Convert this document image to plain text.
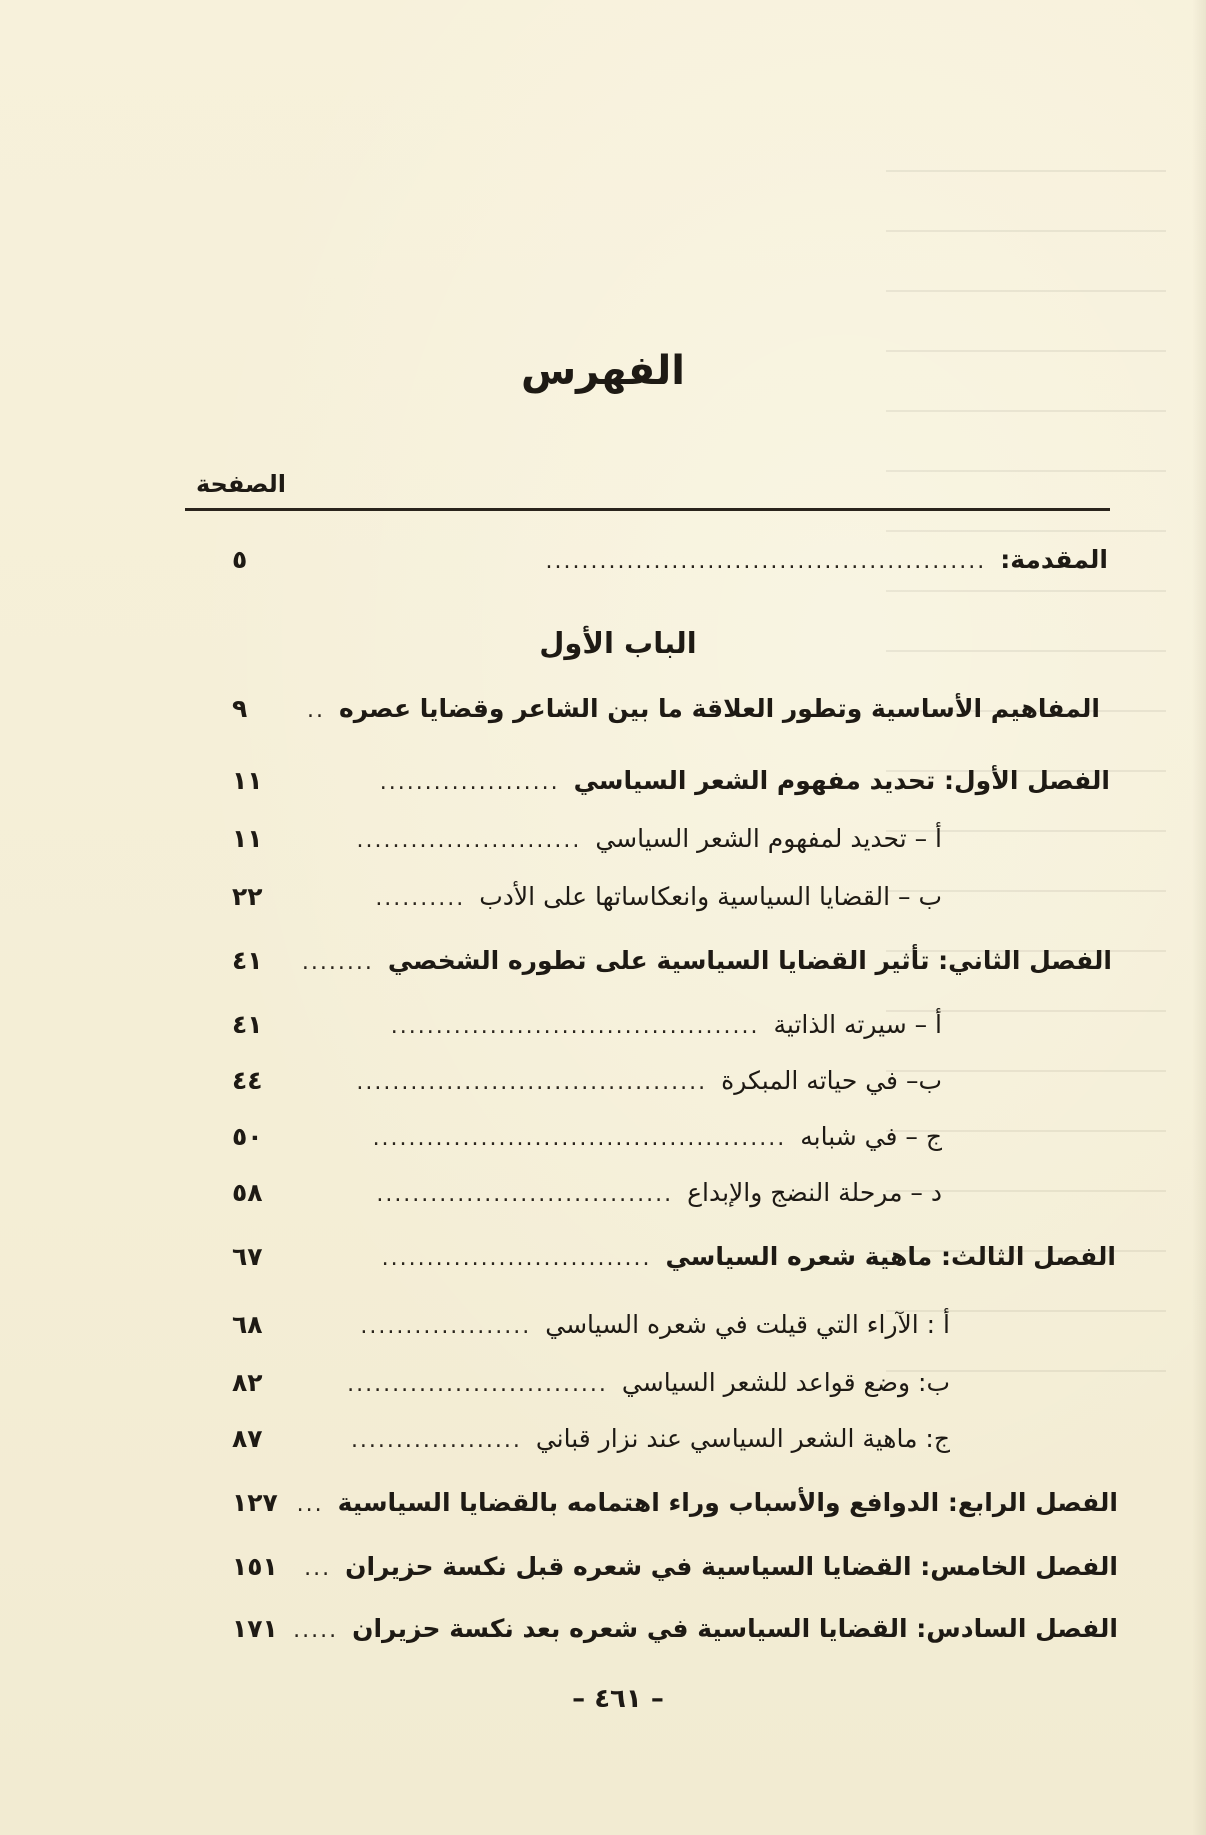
الفهرس
الصفحة
المقدمة:
.................................................
٥
الباب الأول
المفاهيم الأساسية وتطور العلاقة ما بين الشاعر وقضايا عصره
..
٩
الفصل الأول: تحديد مفهوم الشعر السياسي
....................
١١
أ – تحديد لمفهوم الشعر السياسي
.........................
١١
ب – القضايا السياسية وانعكاساتها على الأدب
..........
٢٢
الفصل الثاني: تأثير القضايا السياسية على تطوره الشخصي
........
٤١
أ – سيرته الذاتية
.........................................
٤١
ب– في حياته المبكرة
.......................................
٤٤
ج – في شبابه
..............................................
٥٠
د – مرحلة النضج والإبداع
.................................
٥٨
الفصل الثالث: ماهية شعره السياسي
..............................
٦٧
أ : الآراء التي قيلت في شعره السياسي
...................
٦٨
ب: وضع قواعد للشعر السياسي
.............................
٨٢
ج: ماهية الشعر السياسي عند نزار قباني
...................
٨٧
الفصل الرابع: الدوافع والأسباب وراء اهتمامه بالقضايا السياسية
...
١٢٧
الفصل الخامس: القضايا السياسية في شعره قبل نكسة حزيران
...
١٥١
الفصل السادس: القضايا السياسية في شعره بعد نكسة حزيران
.....
١٧١
– ٤٦١ –
